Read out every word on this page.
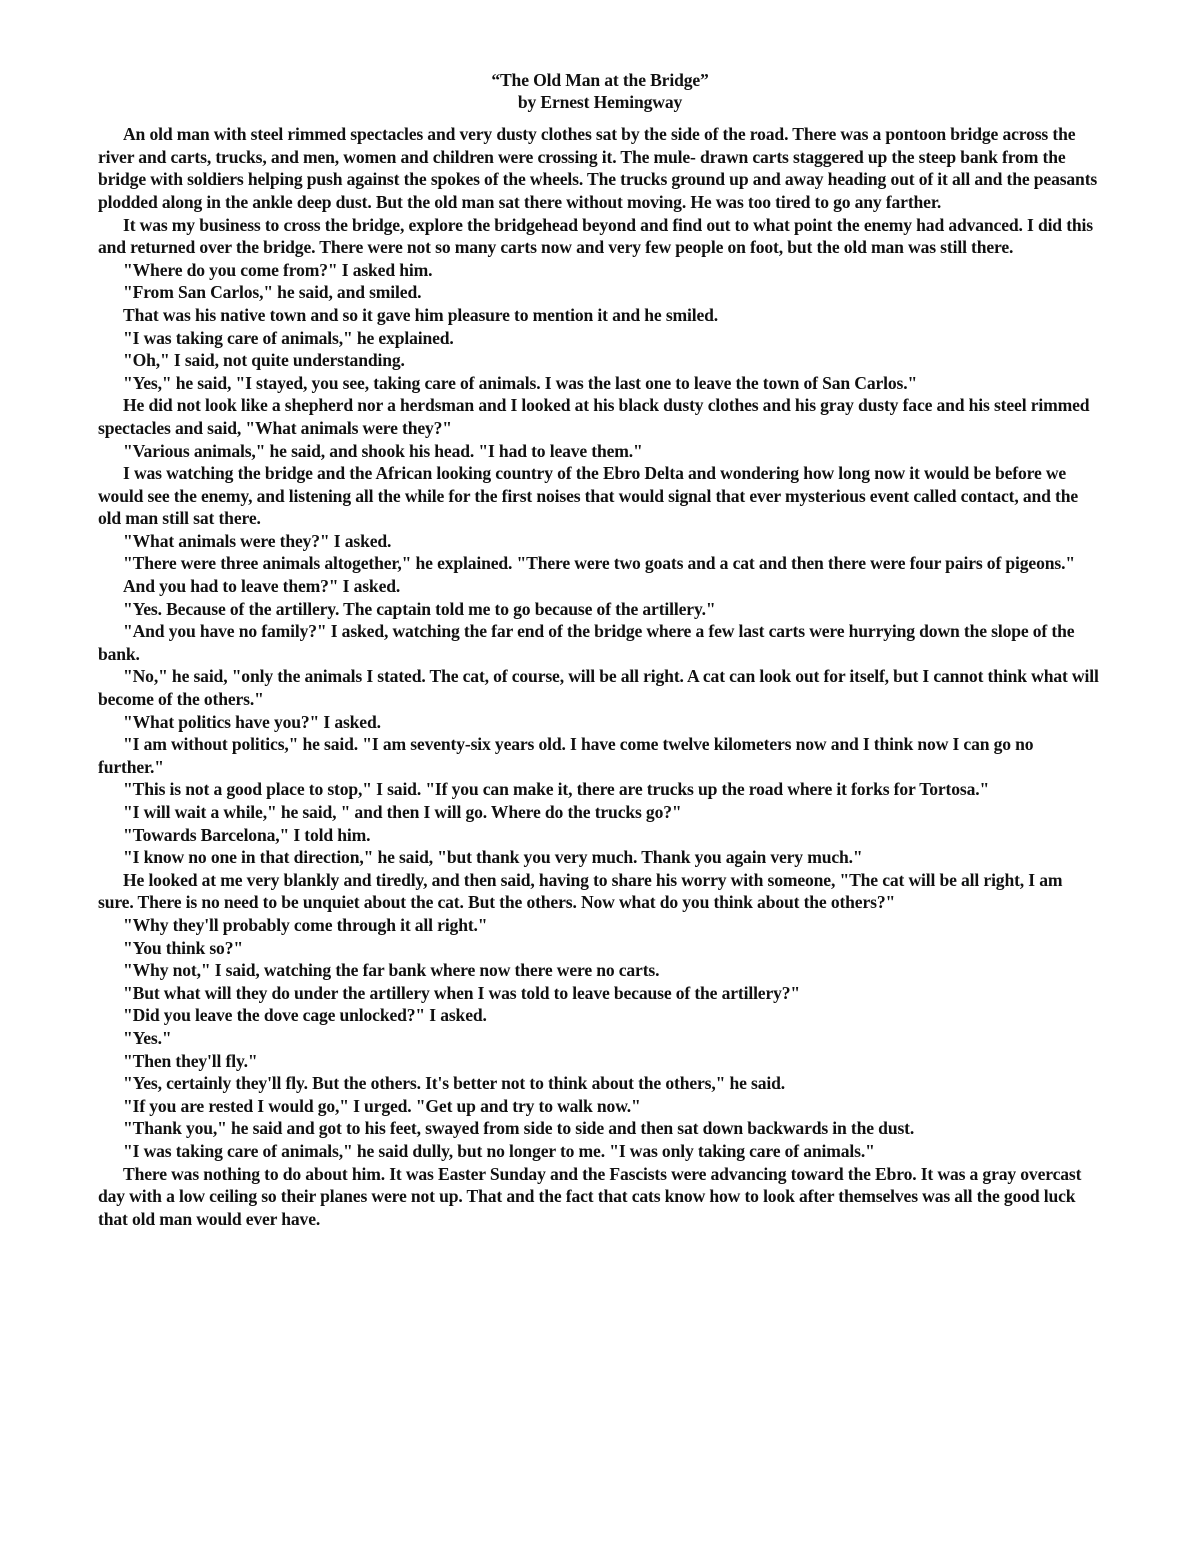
“The Old Man at the Bridge”
by Ernest Hemingway

An old man with steel rimmed spectacles and very dusty clothes sat by the side of the road. There was a pontoon bridge across the river and carts, trucks, and men, women and children were crossing it. The mule- drawn carts staggered up the steep bank from the bridge with soldiers helping push against the spokes of the wheels. The trucks ground up and away heading out of it all and the peasants plodded along in the ankle deep dust. But the old man sat there without moving. He was too tired to go any farther.

It was my business to cross the bridge, explore the bridgehead beyond and find out to what point the enemy had advanced. I did this and returned over the bridge. There were not so many carts now and very few people on foot, but the old man was still there.

"Where do you come from?" I asked him.

"From San Carlos," he said, and smiled.

That was his native town and so it gave him pleasure to mention it and he smiled.

"I was taking care of animals," he explained.

"Oh," I said, not quite understanding.

"Yes," he said, "I stayed, you see, taking care of animals. I was the last one to leave the town of San Carlos."

He did not look like a shepherd nor a herdsman and I looked at his black dusty clothes and his gray dusty face and his steel rimmed spectacles and said, "What animals were they?"

"Various animals," he said, and shook his head. "I had to leave them."

I was watching the bridge and the African looking country of the Ebro Delta and wondering how long now it would be before we would see the enemy, and listening all the while for the first noises that would signal that ever mysterious event called contact, and the old man still sat there.

"What animals were they?" I asked.

"There were three animals altogether," he explained. "There were two goats and a cat and then there were four pairs of pigeons."

And you had to leave them?" I asked.

"Yes. Because of the artillery. The captain told me to go because of the artillery."

"And you have no family?" I asked, watching the far end of the bridge where a few last carts were hurrying down the slope of the bank.

"No," he said, "only the animals I stated. The cat, of course, will be all right. A cat can look out for itself, but I cannot think what will become of the others."

"What politics have you?" I asked.

"I am without politics," he said. "I am seventy-six years old. I have come twelve kilometers now and I think now I can go no further."

"This is not a good place to stop," I said. "If you can make it, there are trucks up the road where it forks for Tortosa."

"I will wait a while," he said, " and then I will go. Where do the trucks go?"

"Towards Barcelona," I told him.

"I know no one in that direction," he said, "but thank you very much. Thank you again very much."

He looked at me very blankly and tiredly, and then said, having to share his worry with someone, "The cat will be all right, I am sure. There is no need to be unquiet about the cat. But the others. Now what do you think about the others?"

"Why they'll probably come through it all right."

"You think so?"

"Why not," I said, watching the far bank where now there were no carts.

"But what will they do under the artillery when I was told to leave because of the artillery?"

"Did you leave the dove cage unlocked?" I asked.

"Yes."

"Then they'll fly."

"Yes, certainly they'll fly. But the others. It's better not to think about the others," he said.

"If you are rested I would go," I urged. "Get up and try to walk now."

"Thank you," he said and got to his feet, swayed from side to side and then sat down backwards in the dust.

"I was taking care of animals," he said dully, but no longer to me. "I was only taking care of animals."

There was nothing to do about him. It was Easter Sunday and the Fascists were advancing toward the Ebro. It was a gray overcast day with a low ceiling so their planes were not up. That and the fact that cats know how to look after themselves was all the good luck that old man would ever have.
